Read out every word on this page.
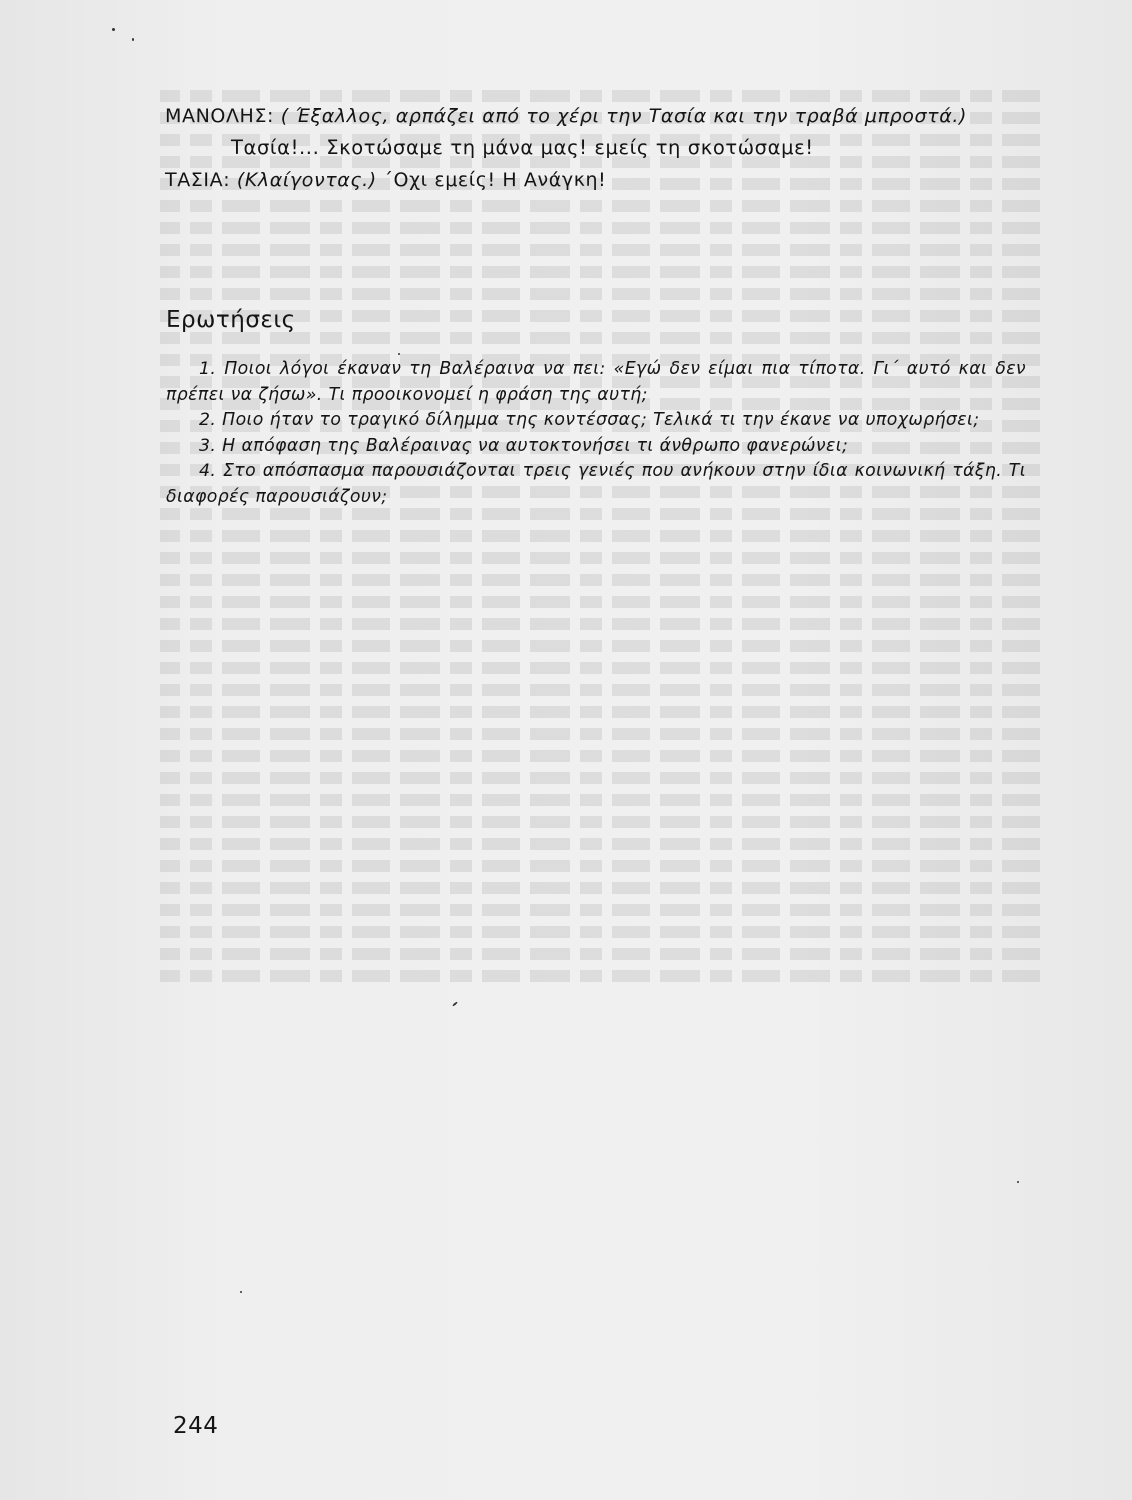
ΜΑΝΟΛΗΣ: ( Έξαλλος, αρπάζει από το χέρι την Τασία και την τραβά μπροστά.)
Τασία!... Σκοτώσαμε τη μάνα μας! εμείς τη σκοτώσαμε!
ΤΑΣΙΑ: (Κλαίγοντας.) ΄Οχι εμείς! Η Ανάγκη!
Ερωτήσεις
1. Ποιοι λόγοι έκαναν τη Βαλέραινα να πει: «Εγώ δεν είμαι πια τίποτα. Γι΄ αυτό και δεν πρέπει να ζήσω». Τι προοικονομεί η φράση της αυτή;
2. Ποιο ήταν το τραγικό δίλημμα της κοντέσσας; Τελικά τι την έκανε να υποχωρήσει;
3. Η απόφαση της Βαλέραινας να αυτοκτονήσει τι άνθρωπο φανερώνει;
4. Στο απόσπασμα παρουσιάζονται τρεις γενιές που ανήκουν στην ίδια κοινωνική τάξη. Τι διαφορές παρουσιάζουν;
244
